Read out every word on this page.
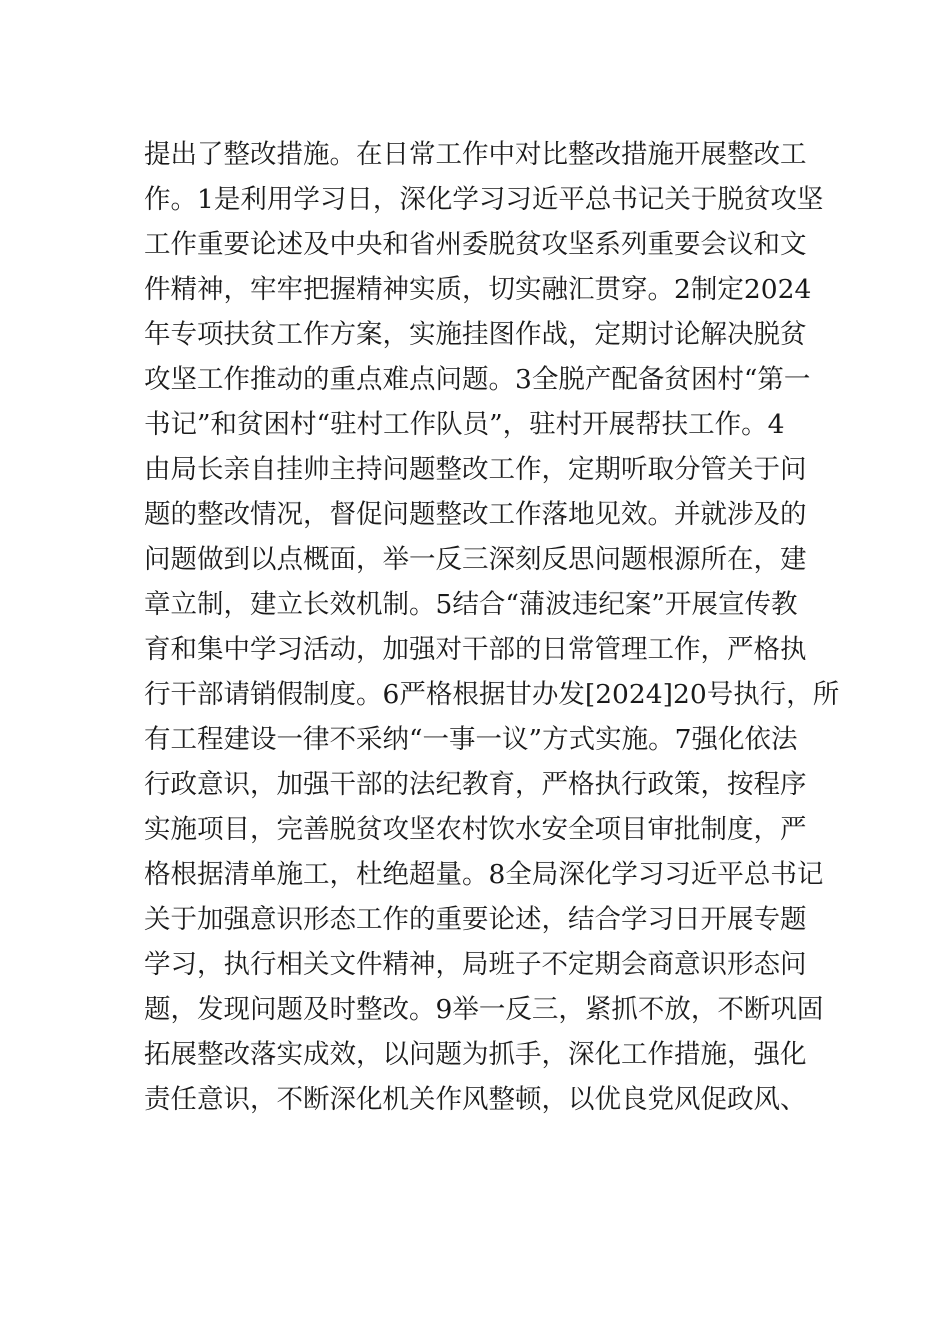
提出了整改措施。在日常工作中对比整改措施开展整改工
作。1是利用学习日，深化学习习近平总书记关于脱贫攻坚
工作重要论述及中央和省州委脱贫攻坚系列重要会议和文
件精神，牢牢把握精神实质，切实融汇贯穿。2制定2024
年专项扶贫工作方案，实施挂图作战，定期讨论解决脱贫
攻坚工作推动的重点难点问题。3全脱产配备贫困村“第一
书记”和贫困村“驻村工作队员”，驻村开展帮扶工作。4
由局长亲自挂帅主持问题整改工作，定期听取分管关于问
题的整改情况，督促问题整改工作落地见效。并就涉及的
问题做到以点概面，举一反三深刻反思问题根源所在，建
章立制，建立长效机制。5结合“蒲波违纪案”开展宣传教
育和集中学习活动，加强对干部的日常管理工作，严格执
行干部请销假制度。6严格根据甘办发[2024]20号执行，所
有工程建设一律不采纳“一事一议”方式实施。7强化依法
行政意识，加强干部的法纪教育，严格执行政策，按程序
实施项目，完善脱贫攻坚农村饮水安全项目审批制度，严
格根据清单施工，杜绝超量。8全局深化学习习近平总书记
关于加强意识形态工作的重要论述，结合学习日开展专题
学习，执行相关文件精神，局班子不定期会商意识形态问
题，发现问题及时整改。9举一反三，紧抓不放，不断巩固
拓展整改落实成效，以问题为抓手，深化工作措施，强化
责任意识，不断深化机关作风整顿，以优良党风促政风、
